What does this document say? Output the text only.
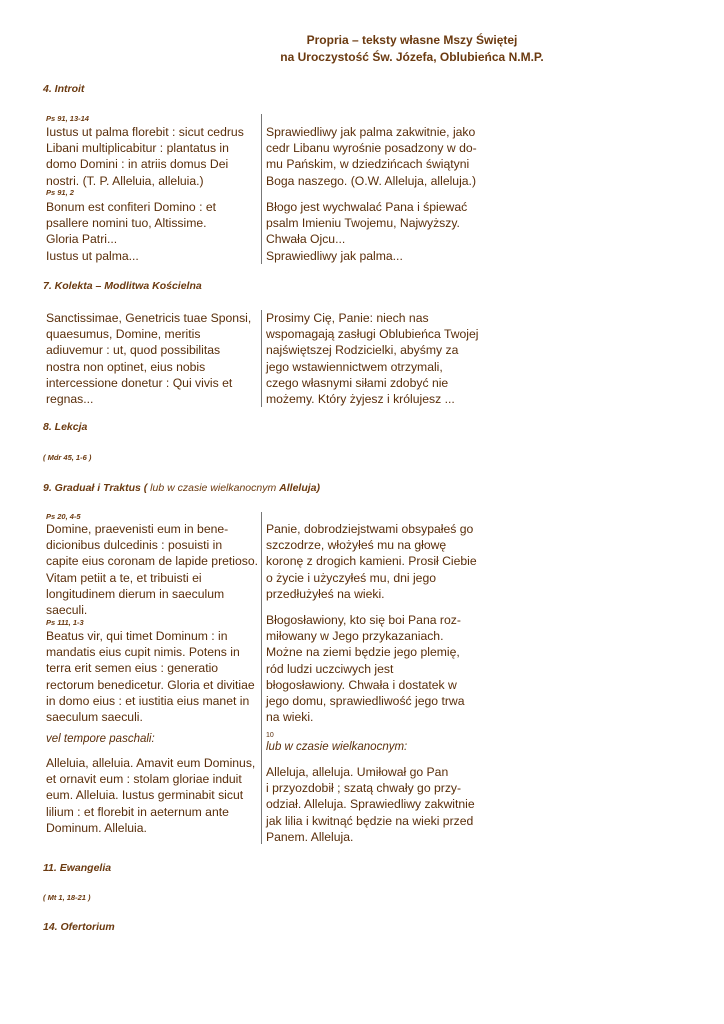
Propria – teksty własne Mszy Świętej
na Uroczystość Św. Józefa, Oblubieńca N.M.P.
4. Introit
Ps 91, 13-14
Iustus ut palma florebit : sicut cedrus
Libani multiplicabitur : plantatus in
domo Domini : in atriis domus Dei
nostri. (T. P. Alleluia, alleluia.)
Sprawiedliwy jak palma zakwitnie, jako
cedr Libanu wyrośnie posadzony w do-
mu Pańskim, w dziedzińcach świątyni
Boga naszego. (O.W. Alleluja, alleluja.)
Ps 91, 2
Bonum est confiteri Domino : et
psallere nomini tuo, Altissime.
Gloria Patri...
Iustus ut palma...
Błogo jest wychwalać Pana i śpiewać
psalm Imieniu Twojemu, Najwyższy.
Chwała Ojcu...
Sprawiedliwy jak palma...
7. Kolekta – Modlitwa Kościelna
Sanctissimae, Genetricis tuae Sponsi,
quaesumus, Domine, meritis
adiuvemur : ut, quod possibilitas
nostra non optinet, eius nobis
intercessione donetur : Qui vivis et
regnas...
Prosimy Cię, Panie: niech nas
wspomagają zasługi Oblubieńca Twojej
najświętszej Rodzicielki, abyśmy za
jego wstawiennictwem otrzymali,
czego własnymi siłami zdobyć nie
możemy. Który żyjesz i królujesz ...
8. Lekcja
( Mdr 45, 1-6 )
9. Graduał i Traktus ( lub w czasie wielkanocnym Alleluja)
Ps 20, 4-5
Domine, praevenisti eum in bene-
dicionibus dulcedinis : posuisti in
capite eius coronam de lapide pretioso.
Vitam petiit a te, et tribuisti ei
longitudinem dierum in saeculum
saeculi.
Panie, dobrodziejstwami obsypałeś go
szczodrze, włożyłeś mu na głowę
koronę z drogich kamieni. Prosił Ciebie
o życie i użyczyłeś mu, dni jego
przedłużyłeś na wieki.
Ps 111, 1-3
Beatus vir, qui timet Dominum : in
mandatis eius cupit nimis. Potens in
terra erit semen eius : generatio
rectorum benedicetur. Gloria et divitiae
in domo eius : et iustitia eius manet in
saeculum saeculi.
Błogosławiony, kto się boi Pana roz-
miłowany w Jego przykazaniach.
Możne na ziemi będzie jego plemię,
ród ludzi uczciwych jest
błogosławiony. Chwała i dostatek w
jego domu, sprawiedliwość jego trwa
na wieki.
vel tempore paschali:	10
lub w czasie wielkanocnym:
Alleluia, alleluia. Amavit eum Dominus,
et ornavit eum : stolam gloriae induit
eum. Alleluia. Iustus germinabit sicut
lilium : et florebit in aeternum ante
Dominum. Alleluia.
Alleluja, alleluja. Umiłował go Pan
i przyozdobił ; szatą chwały go przy-
odział. Alleluja. Sprawiedliwy zakwitnie
jak lilia i kwitnąć będzie na wieki przed
Panem. Alleluja.
11. Ewangelia
( Mt 1, 18-21 )
14. Ofertorium
